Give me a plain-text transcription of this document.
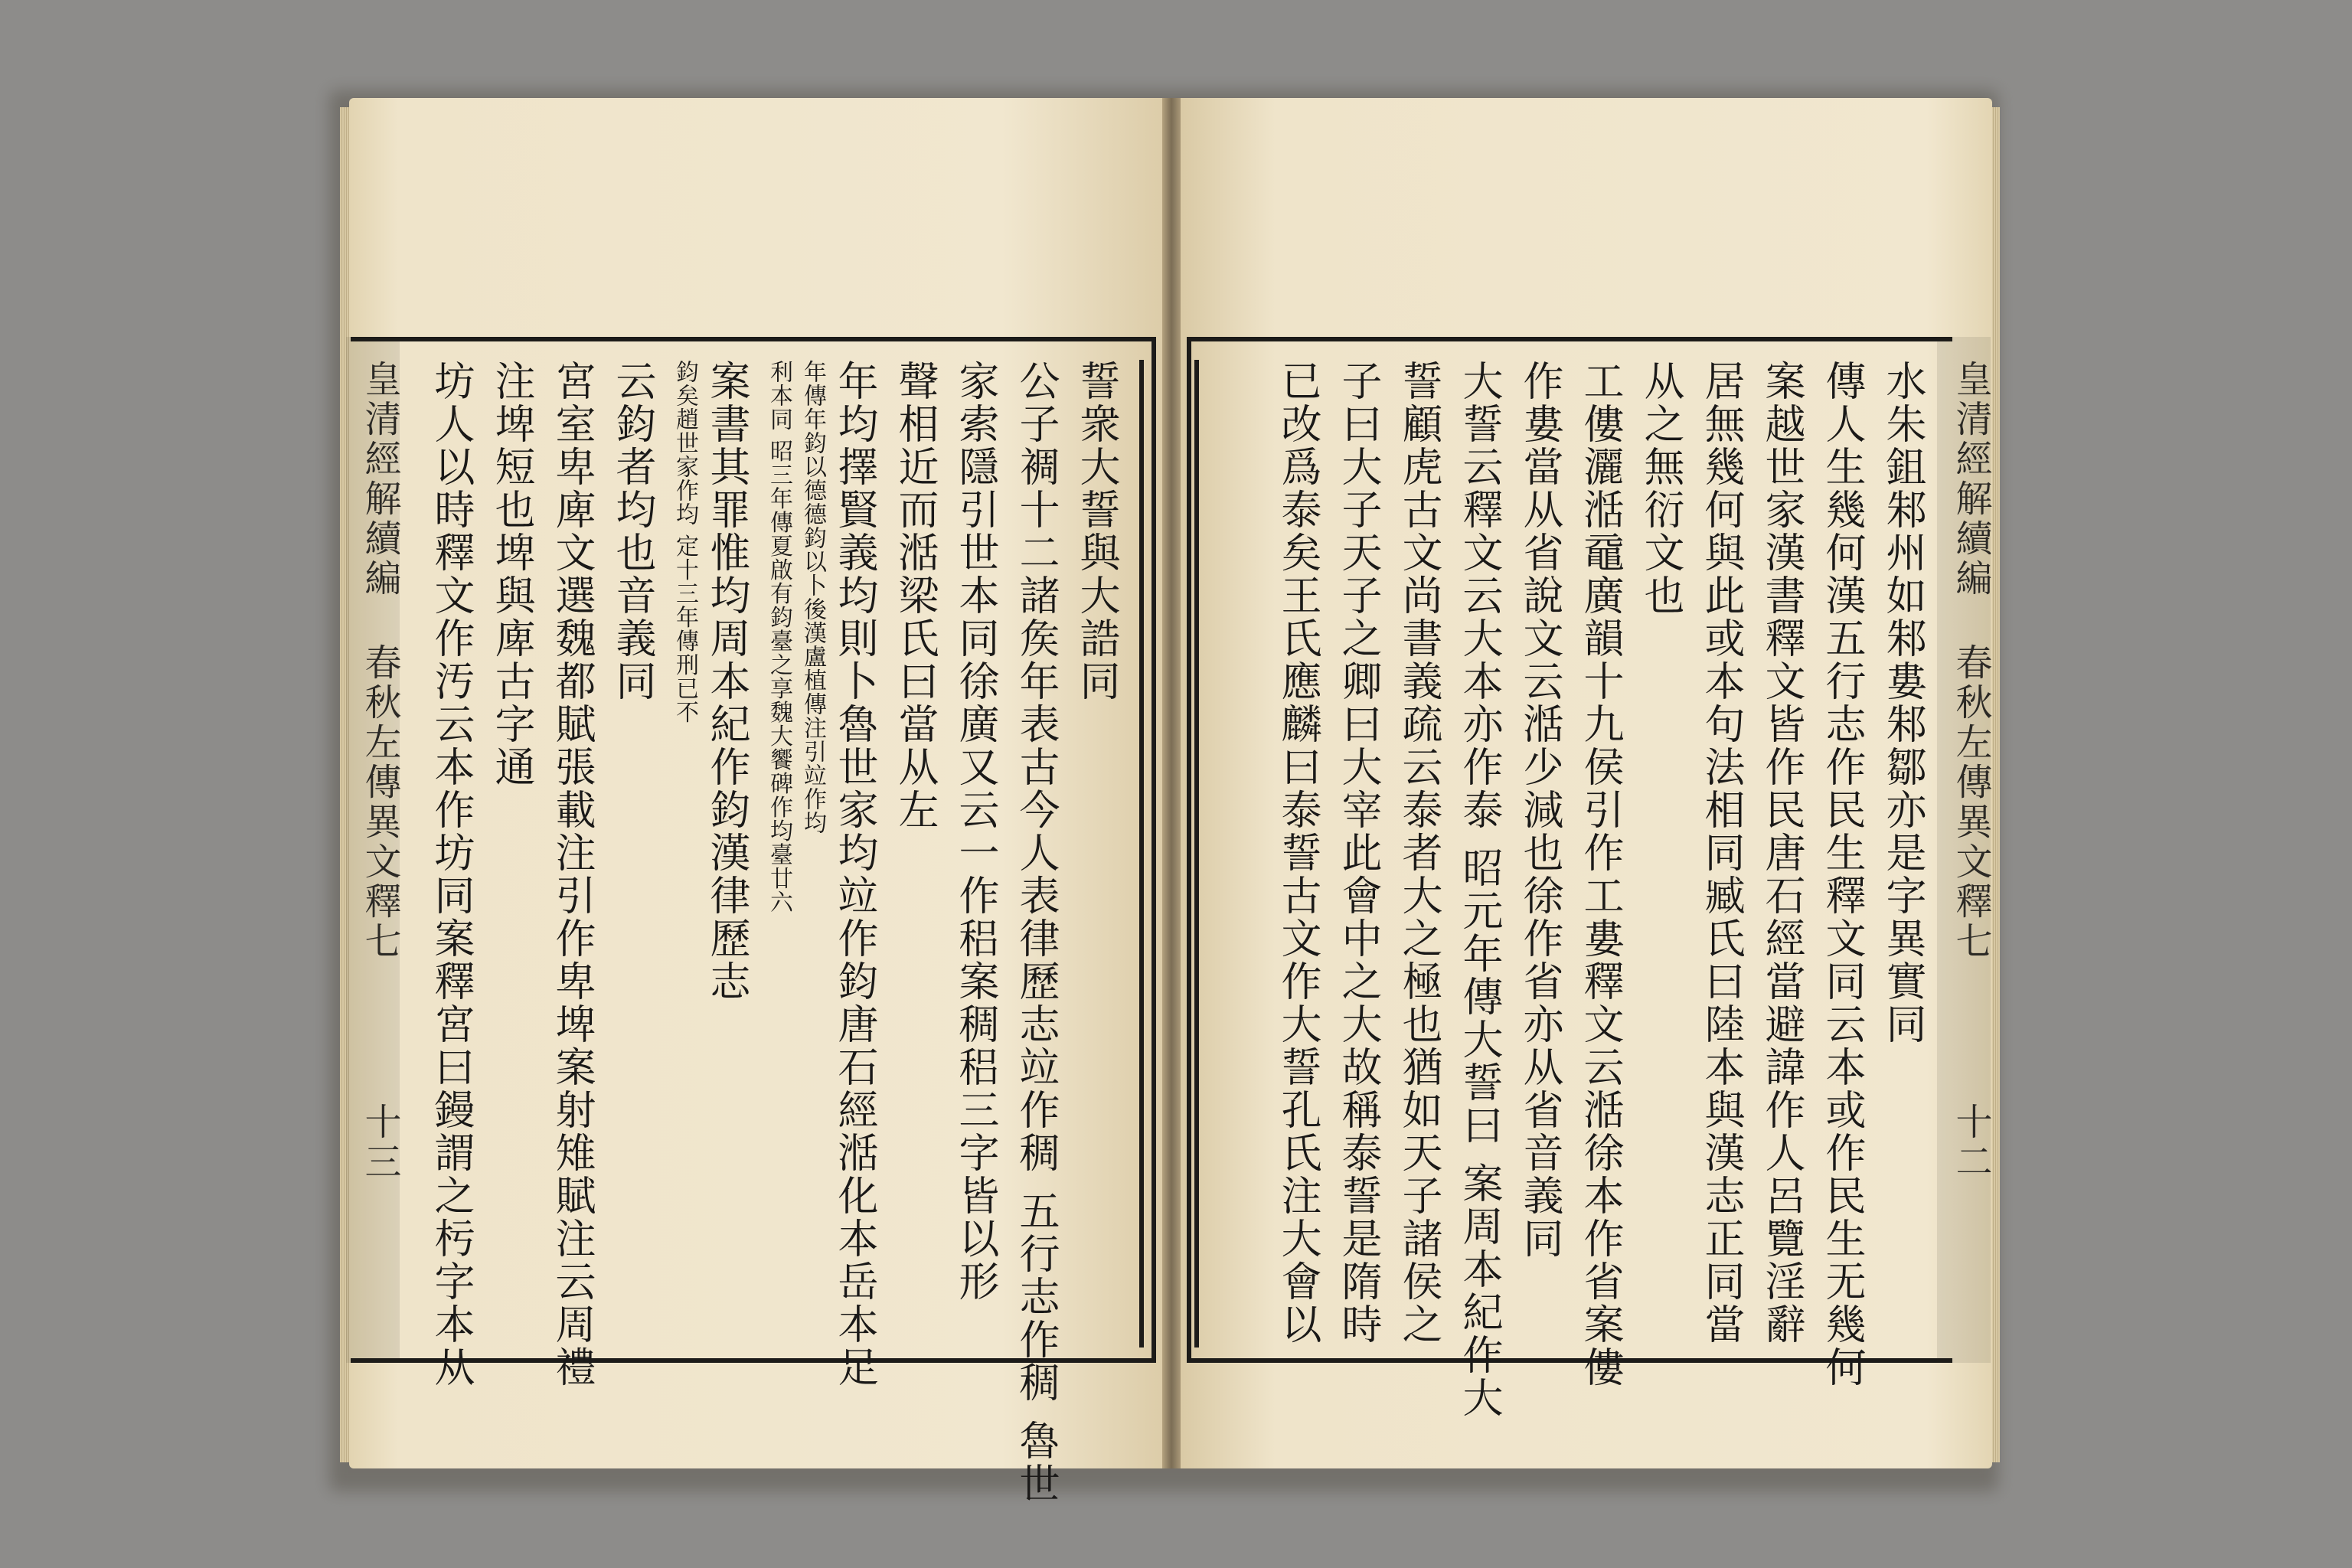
皇清經解續編
春秋左傳異文釋七
十三
皇清經解續編
春秋左傳異文釋七
十二
坊人以時釋文作汚云本作坊同案釋宮曰鏝謂之杇字本从 注埤短也埤與庳古字通 宮室卑庳文選魏都賦張載注引作卑埤案射雉賦注云周禮 云鈞者均也音義同 鈞矣趙世家作均 定十三年傳刑已不 案書其罪惟均周本紀作鈞漢律歷志 利本同 昭三年傳夏啟有鈞臺之享魏大饗碑作均臺廿六 年傳年鈞以德德鈞以卜後漢盧植傳注引竝作均 年均擇賢義均則卜魯世家均竝作鈞唐石經湉化本岳本足 聲相近而湉梁氏曰當从左 家索隱引世本同徐廣又云一作稆案稠稆三字皆以形 公子裯十二諸矦年表古今人表律歷志竝作稠 五行志作稠 魯世 誓衆大誓與大誥同	水朱鉏邾州如邾婁邾鄒亦是字異實同
傳人生幾何漢五行志作民生釋文同云本或作民生无幾何
案越世家漢書釋文皆作民唐石經當避諱作人呂覽淫辭
居無幾何與此或本句法相同臧氏曰陸本與漢志正同當
从之無衍文也
工僂灑湉黿廣韻十九侯引作工婁釋文云湉徐本作省案僂
作婁當从省說文云湉少減也徐作省亦从省音義同
大誓云釋文云大本亦作泰 昭元年傳大誓曰 案周本紀作大
誓顧虎古文尚書義疏云泰者大之極也猶如天子諸侯之
子曰大子天子之卿曰大宰此會中之大故稱泰誓是隋時
已改爲泰矣王氏應麟曰泰誓古文作大誓孔氏注大會以
